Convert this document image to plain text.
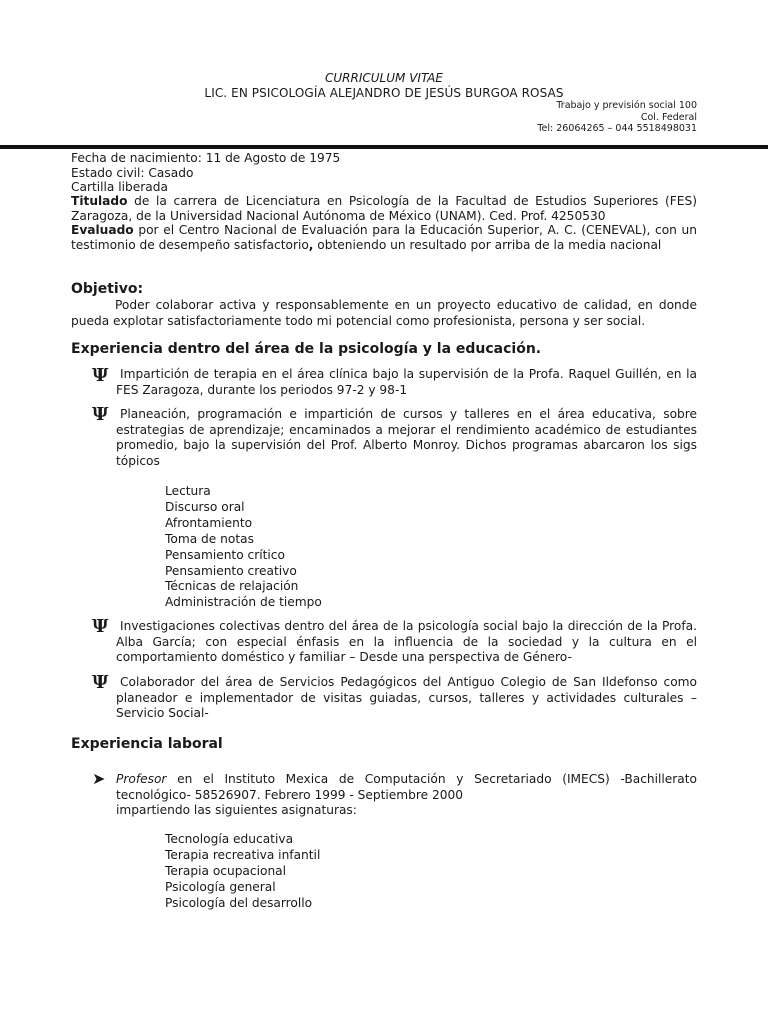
CURRICULUM VITAE
LIC. EN PSICOLOGÍA ALEJANDRO DE JESÚS BURGOA ROSAS
Trabajo y previsión social 100
Col. Federal
Tel: 26064265 – 044 5518498031
Fecha de nacimiento: 11 de Agosto de 1975
Estado civil: Casado
Cartilla liberada
Titulado de la carrera de Licenciatura en Psicología de la Facultad de Estudios Superiores (FES) Zaragoza, de la Universidad Nacional Autónoma de México (UNAM). Ced. Prof. 4250530
Evaluado por el Centro Nacional de Evaluación para la Educación Superior, A. C. (CENEVAL), con un testimonio de desempeño satisfactorio, obteniendo un resultado por arriba de la media nacional
Objetivo:
Poder colaborar activa y responsablemente en un proyecto educativo de calidad, en donde pueda explotar satisfactoriamente todo mi potencial como profesionista, persona y ser social.
Experiencia dentro del área de la psicología y la educación.
Ψ Impartición de terapia en el área clínica bajo la supervisión de la Profa. Raquel Guillén, en la FES Zaragoza, durante los periodos 97-2 y 98-1
Ψ Planeación, programación e impartición de cursos y talleres en el área educativa, sobre estrategias de aprendizaje; encaminados a mejorar el rendimiento académico de estudiantes promedio, bajo la supervisión del Prof. Alberto Monroy. Dichos programas abarcaron los sigs tópicos
Lectura
Discurso oral
Afrontamiento
Toma de notas
Pensamiento crítico
Pensamiento creativo
Técnicas de relajación
Administración de tiempo
Ψ Investigaciones colectivas dentro del área de la psicología social bajo la dirección de la Profa. Alba García; con especial énfasis en la influencia de la sociedad y la cultura en el comportamiento doméstico y familiar – Desde una perspectiva de Género-
Ψ Colaborador del área de Servicios Pedagógicos del Antiguo Colegio de San Ildefonso como planeador e implementador de visitas guiadas, cursos, talleres y actividades culturales – Servicio Social-
Experiencia laboral
➤ Profesor en el Instituto Mexica de Computación y Secretariado (IMECS) -Bachillerato tecnológico- 58526907. Febrero 1999 - Septiembre 2000
impartiendo las siguientes asignaturas:
Tecnología educativa
Terapia recreativa infantil
Terapia ocupacional
Psicología general
Psicología del desarrollo
